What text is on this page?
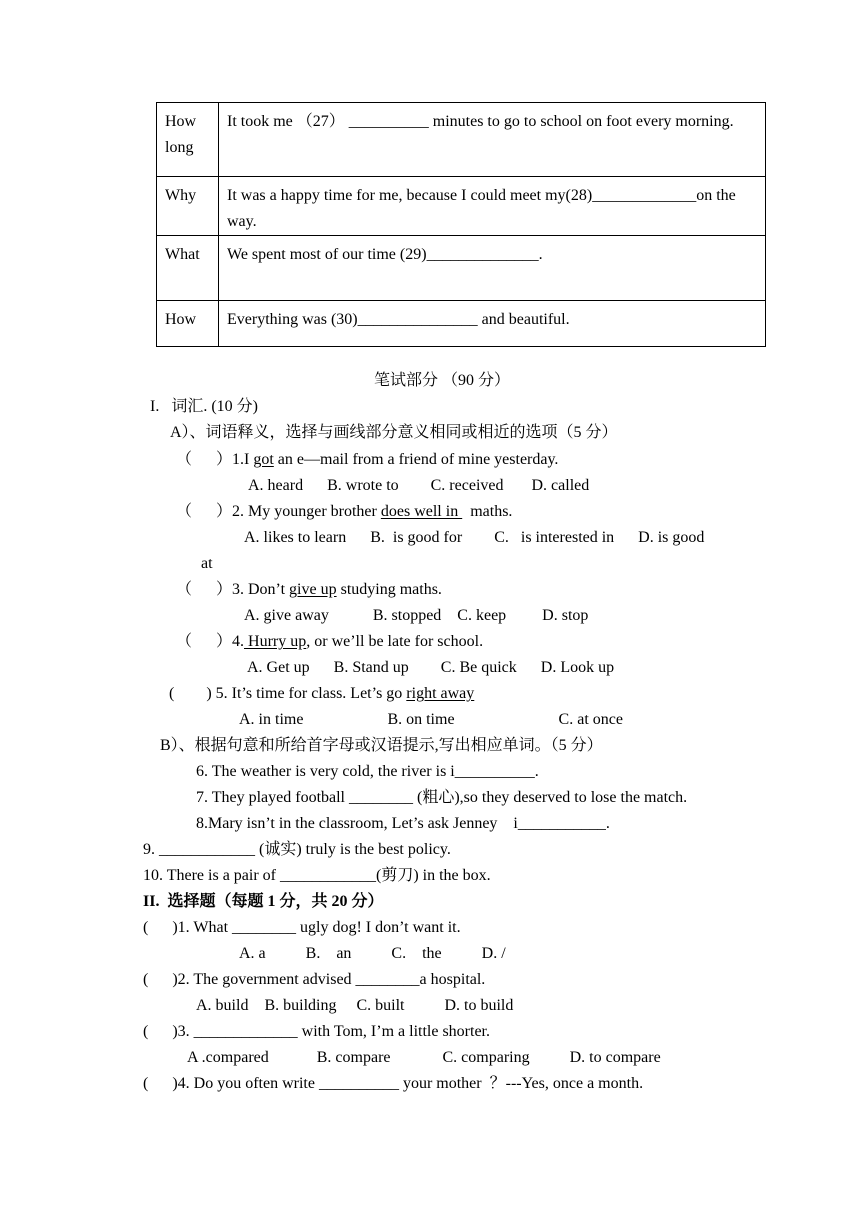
How long	It took me （27） __________ minutes to go to school on foot every morning.
Why	It was a happy time for me, because I could meet my(28)_____________on the way.
What	We spent most of our time (29)______________.
How	Everything was (30)_______________ and beautiful.
笔试部分 （90 分）
I.   词汇. (10 分)
A）、词语释义，选择与画线部分意义相同或相近的选项（5 分）
（      ）1.I got an e—mail from a friend of mine yesterday.
A. heard      B. wrote to        C. received       D. called
（      ）2. My younger brother does well in   maths.
A. likes to learn      B.  is good for        C.   is interested in      D. is good
at
（      ）3. Don’t give up studying maths.
A. give away           B. stopped    C. keep         D. stop
（      ）4. Hurry up, or we’ll be late for school.
A. Get up      B. Stand up        C. Be quick      D. Look up
(        ) 5. It’s time for class. Let’s go right away
A. in time                     B. on time                          C. at once
B）、根据句意和所给首字母或汉语提示,写出相应单词。（5 分）
6. The weather is very cold, the river is i__________.
7. They played football ________ (粗心),so they deserved to lose the match.
8.Mary isn’t in the classroom, Let’s ask Jenney    i___________.
9. ____________ (诚实) truly is the best policy.
10. There is a pair of ____________(剪刀) in the box.
II.  选择题（每题 1 分，共 20 分）
(      )1. What ________ ugly dog! I don’t want it.
A. a          B.    an          C.    the          D. /
(      )2. The government advised ________a hospital.
A. build    B. building     C. built          D. to build
(      )3. _____________ with Tom, I’m a little shorter.
A .compared            B. compare             C. comparing          D. to compare
(      )4. Do you often write __________ your mother  ？---Yes, once a month.
